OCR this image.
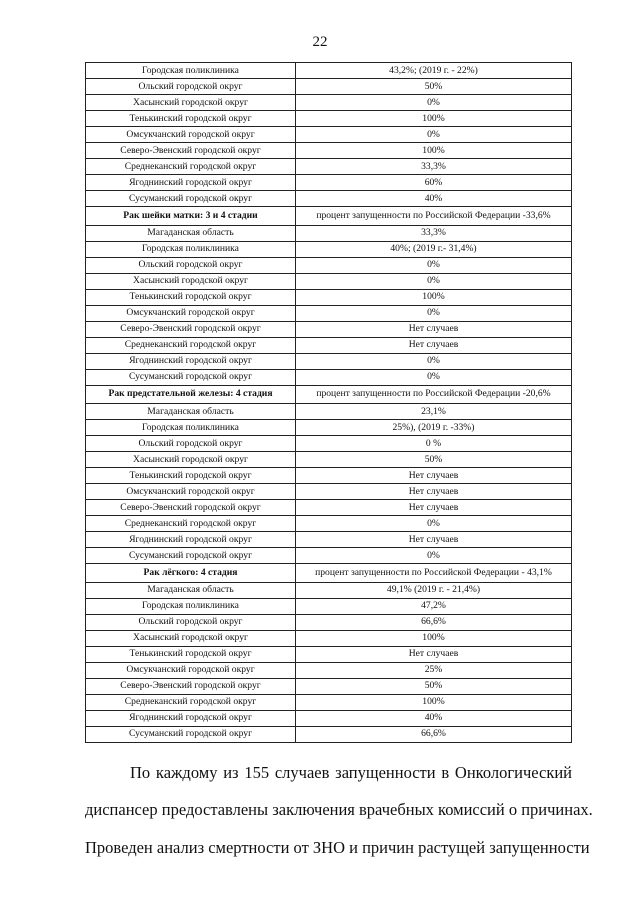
22
Городская поликлиника	43,2%; (2019 г. - 22%)
Ольский городской округ	50%
Хасынский городской округ	0%
Тенькинский городской округ	100%
Омсукчанский городской округ	0%
Северо-Эвенский городской округ	100%
Среднеканский городской округ	33,3%
Ягоднинский городской округ	60%
Сусуманский городской округ	40%
Рак шейки матки: 3 и 4 стадии	процент запущенности по Российской Федерации -33,6%
Магаданская область	33,3%
Городская поликлиника	40%; (2019 г.- 31,4%)
Ольский городской округ	0%
Хасынский городской округ	0%
Тенькинский городской округ	100%
Омсукчанский городской округ	0%
Северо-Эвенский городской округ	Нет случаев
Среднеканский городской округ	Нет случаев
Ягоднинский городской округ	0%
Сусуманский городской округ	0%
Рак предстательной железы: 4 стадия	процент запущенности по Российской Федерации -20,6%
Магаданская область	23,1%
Городская поликлиника	25%), (2019 г. -33%)
Ольский городской округ	0 %
Хасынский городской округ	50%
Тенькинский городской округ	Нет случаев
Омсукчанский городской округ	Нет случаев
Северо-Эвенский городской округ	Нет случаев
Среднеканский городской округ	0%
Ягоднинский городской округ	Нет случаев
Сусуманский городской округ	0%
Рак лёгкого: 4 стадия	процент запущенности по Российской Федерации - 43,1%
Магаданская область	49,1% (2019 г. - 21,4%)
Городская поликлиника	47,2%
Ольский городской округ	66,6%
Хасынский городской округ	100%
Тенькинский городской округ	Нет случаев
Омсукчанский городской округ	25%
Северо-Эвенский городской округ	50%
Среднеканский городской округ	100%
Ягоднинский городской округ	40%
Сусуманский городской округ	66,6%
По каждому из 155 случаев запущенности в Онкологический
диспансер предоставлены заключения врачебных комиссий о причинах.
Проведен анализ смертности от ЗНО и причин растущей запущенности
